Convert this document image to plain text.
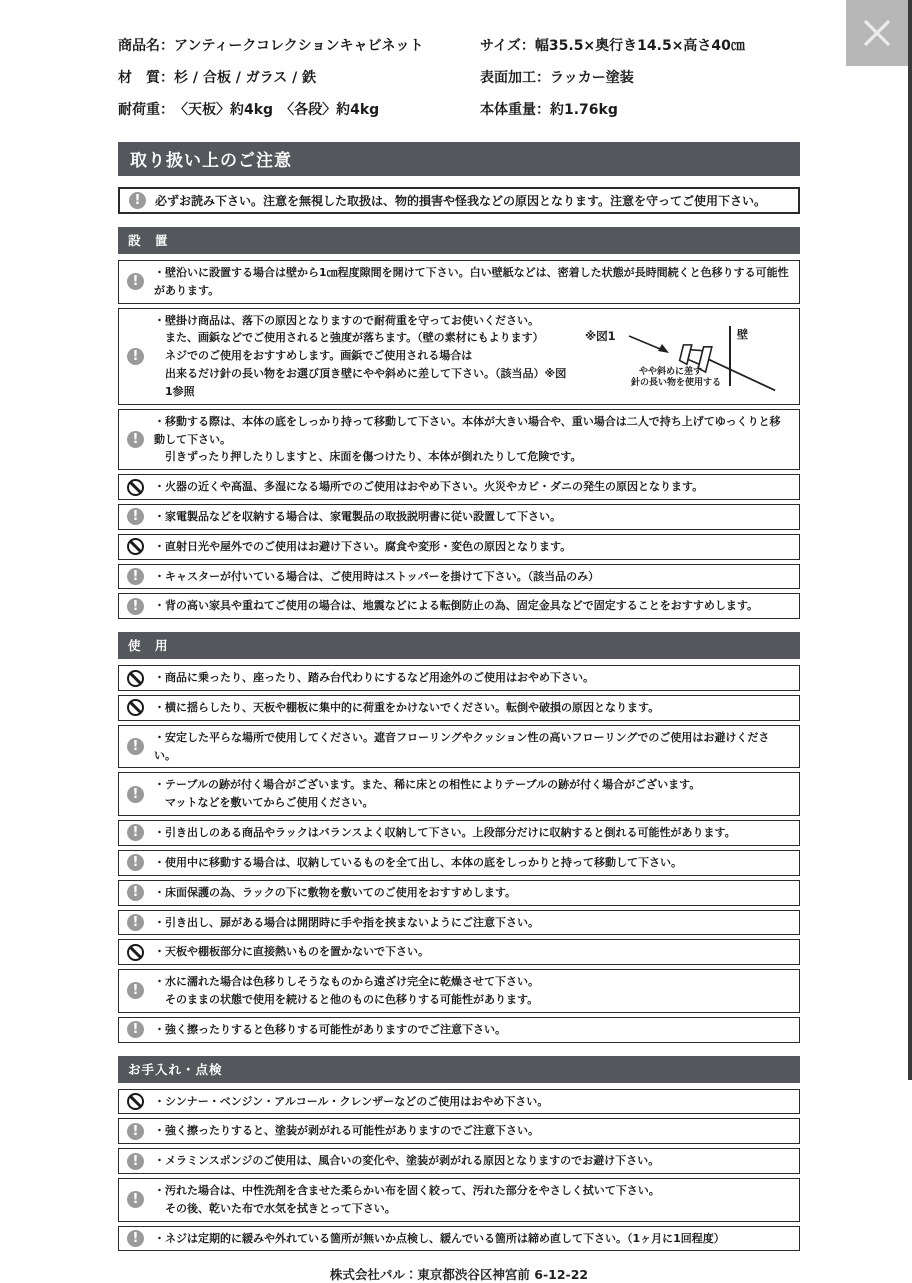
商品名：アンティークコレクションキャビネット
材　質：杉 / 合板 / ガラス / 鉄
耐荷重：〈天板〉約4kg　〈各段〉約4kg
サイズ：幅35.5×奥行き14.5×高さ40㎝
表面加工：ラッカー塗装
本体重量：約1.76kg
取り扱い上のご注意
!
必ずお読み下さい。注意を無視した取扱は、物的損害や怪我などの原因となります。注意を守ってご使用下さい。
設　置
!
・壁沿いに設置する場合は壁から1㎝程度隙間を開けて下さい。白い壁紙などは、密着した状態が長時間続くと色移りする可能性があります。
!
・壁掛け商品は、落下の原因となりますので耐荷重を守ってお使いください。
また、画鋲などでご使用されると強度が落ちます。（壁の素材にもよります）
ネジでのご使用をおすすめします。画鋲でご使用される場合は
出来るだけ針の長い物をお選び頂き壁にやや斜めに差して下さい。（該当品）※図1参照
※図1	壁
やや斜めに差す
針の長い物を使用する
!
・移動する際は、本体の底をしっかり持って移動して下さい。本体が大きい場合や、重い場合は二人で持ち上げてゆっくりと移動して下さい。
引きずったり押したりしますと、床面を傷つけたり、本体が倒れたりして危険です。
・火器の近くや高温、多湿になる場所でのご使用はおやめ下さい。火災やカビ・ダニの発生の原因となります。
!
・家電製品などを収納する場合は、家電製品の取扱説明書に従い設置して下さい。
・直射日光や屋外でのご使用はお避け下さい。腐食や変形・変色の原因となります。
!
・キャスターが付いている場合は、ご使用時はストッパーを掛けて下さい。（該当品のみ）
!
・背の高い家具や重ねてご使用の場合は、地震などによる転倒防止の為、固定金具などで固定することをおすすめします。
使　用
・商品に乗ったり、座ったり、踏み台代わりにするなど用途外のご使用はおやめ下さい。
・横に揺らしたり、天板や棚板に集中的に荷重をかけないでください。転倒や破損の原因となります。
!
・安定した平らな場所で使用してください。遮音フローリングやクッション性の高いフローリングでのご使用はお避けください。
!
・テーブルの跡が付く場合がございます。また、稀に床との相性によりテーブルの跡が付く場合がございます。
マットなどを敷いてからご使用ください。
!
・引き出しのある商品やラックはバランスよく収納して下さい。上段部分だけに収納すると倒れる可能性があります。
!
・使用中に移動する場合は、収納しているものを全て出し、本体の底をしっかりと持って移動して下さい。
!
・床面保護の為、ラックの下に敷物を敷いてのご使用をおすすめします。
!
・引き出し、扉がある場合は開閉時に手や指を挟まないようにご注意下さい。
・天板や棚板部分に直接熱いものを置かないで下さい。
!
・水に濡れた場合は色移りしそうなものから遠ざけ完全に乾燥させて下さい。
そのままの状態で使用を続けると他のものに色移りする可能性があります。
!
・強く擦ったりすると色移りする可能性がありますのでご注意下さい。
お手入れ・点検
・シンナー・ベンジン・アルコール・クレンザーなどのご使用はおやめ下さい。
!
・強く擦ったりすると、塗装が剥がれる可能性がありますのでご注意下さい。
!
・メラミンスポンジのご使用は、風合いの変化や、塗装が剥がれる原因となりますのでお避け下さい。
!
・汚れた場合は、中性洗剤を含ませた柔らかい布を固く絞って、汚れた部分をやさしく拭いて下さい。
その後、乾いた布で水気を拭きとって下さい。
!
・ネジは定期的に緩みや外れている箇所が無いか点検し、緩んでいる箇所は締め直して下さい。（1ヶ月に1回程度）
株式会社パル：東京都渋谷区神宮前 6-12-22
